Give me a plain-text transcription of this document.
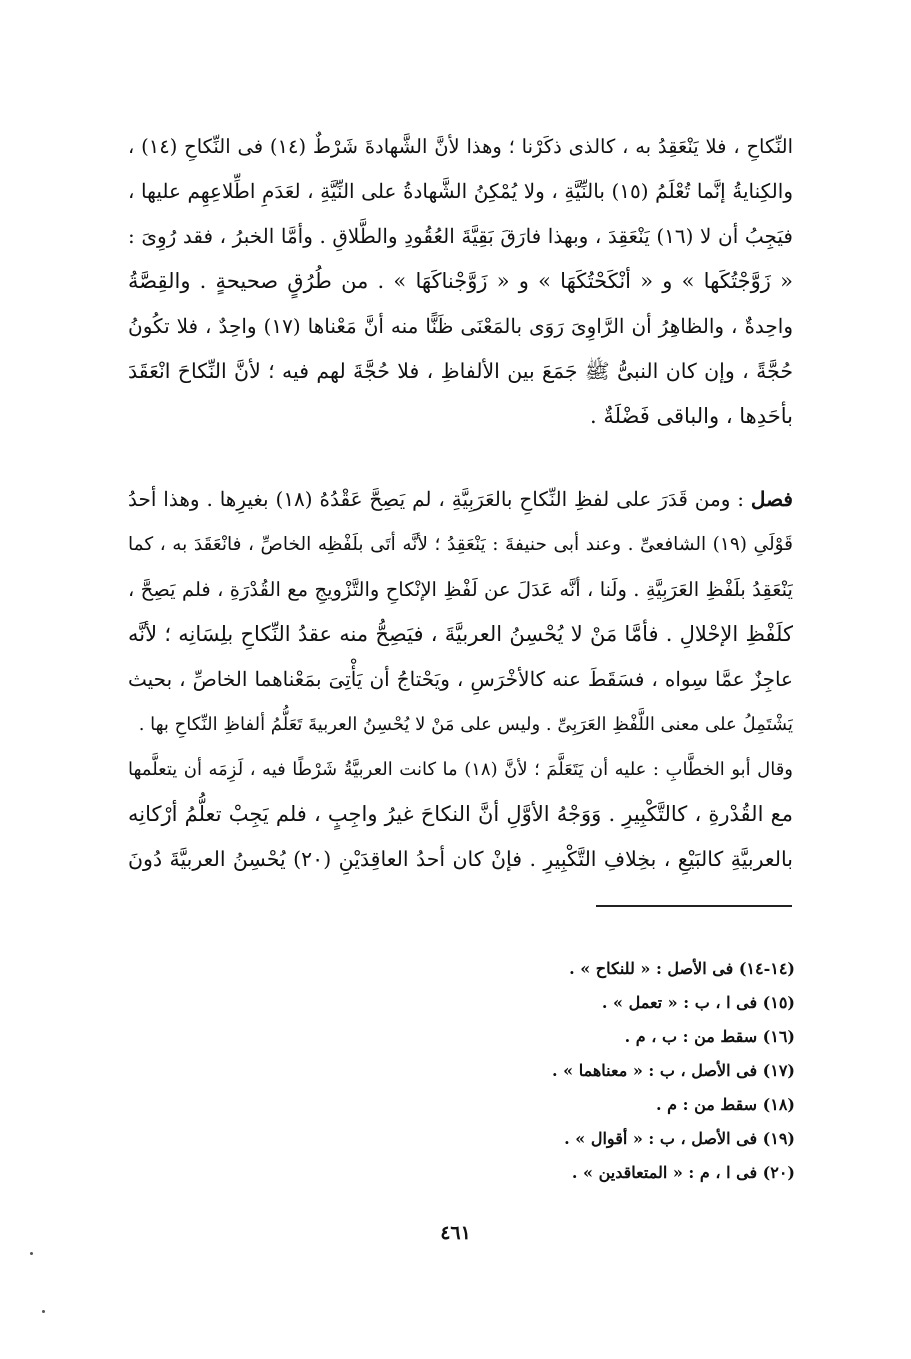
النِّكاحِ ، فلا يَنْعَقِدُ به ، كالذى ذكَرْنا ؛ وهذا لأنَّ الشَّهادةَ شَرْطٌ (١٤) فى النِّكاحِ (١٤) ،
والكِنايةُ إنَّما تُعْلَمُ (١٥) بالنِّيَّةِ ، ولا يُمْكِنُ الشَّهادةُ على النِّيَّةِ ، لعَدَمِ اطِّلاعِهِم عليها ،
فيَجِبُ أن لا (١٦) يَنْعَقِدَ ، وبهذا فارَقَ بَقِيَّةَ العُقُودِ والطَّلاقِ . وأمَّا الخبرُ ، فقد رُوِىَ :
« زَوَّجْتُكَها » و « أنْكَحْتُكَهَا » و « زَوَّجْناكَهَا » . من طُرُقٍ صحيحةٍ . والقِصَّةُ
واحِدةٌ ، والظاهِرُ أن الرَّاوِىَ رَوَى بالمَعْنَى ظَنًّا منه أنَّ مَعْناها (١٧) واحِدٌ ، فلا تكُونُ
حُجَّةً ، وإن كان النبىُّ ﷺ جَمَعَ بين الألفاظِ ، فلا حُجَّةَ لهم فيه ؛ لأنَّ النِّكاحَ انْعَقَدَ
بأحَدِها ، والباقى فَضْلَةٌ .
فصل : ومن قَدَرَ على لفظِ النِّكاحِ بالعَرَبِيَّةِ ، لم يَصِحَّ عَقْدُهُ (١٨) بغيرِها . وهذا أحدُ
قَوْلَىِ (١٩) الشافعىِّ . وعند أبى حنيفةَ : يَنْعَقِدُ ؛ لأنَّه أتَى بلَفْظِه الخاصِّ ، فانْعَقَدَ به ، كما
يَنْعَقِدُ بلَفْظِ العَرَبِيَّةِ . ولَنا ، أنَّه عَدَلَ عن لَفْظِ الإنْكاحِ والتَّزْويجِ مع القُدْرَةِ ، فلم يَصِحَّ ،
كلَفْظِ الإحْلالِ . فأمَّا مَنْ لا يُحْسِنُ العربيَّةَ ، فيَصِحُّ منه عقدُ النِّكاحِ بلِسَانِه ؛ لأنَّه
عاجِزٌ عمَّا سِواه ، فسَقَطَ عنه كالأخْرَسِ ، ويَحْتاجُ أن يَأْتِىَ بمَعْناهما الخاصِّ ، بحيث
يَشْتَمِلُ على معنى اللَّفْظِ العَرَبِىِّ . وليس على مَنْ لا يُحْسِنُ العربيةَ تَعَلُّمُ ألفاظِ النِّكاحِ بها .
وقال أبو الخطَّابِ : عليه أن يَتَعَلَّمَ ؛ لأنَّ (١٨) ما كانت العربيَّةُ شَرْطًا فيه ، لَزِمَه أن يتعلَّمها
مع القُدْرةِ ، كالتَّكْبِيرِ . وَوَجْهُ الأوَّلِ أنَّ النكاحَ غيرُ واجِبٍ ، فلم يَجِبْ تعلُّمُ أرْكانِه
بالعربيَّةِ كالبَيْعِ ، بخِلافِ التَّكْبِيرِ . فإنْ كان أحدُ العاقِدَيْنِ (٢٠) يُحْسِنُ العربيَّةَ دُونَ
(١٤-١٤) فى الأصل : « للنكاح » .
(١٥) فى ا ، ب : « تعمل » .
(١٦) سقط من : ب ، م .
(١٧) فى الأصل ، ب : « معناهما » .
(١٨) سقط من : م .
(١٩) فى الأصل ، ب : « أقوال » .
(٢٠) فى ا ، م : « المتعاقدين » .
٤٦١
